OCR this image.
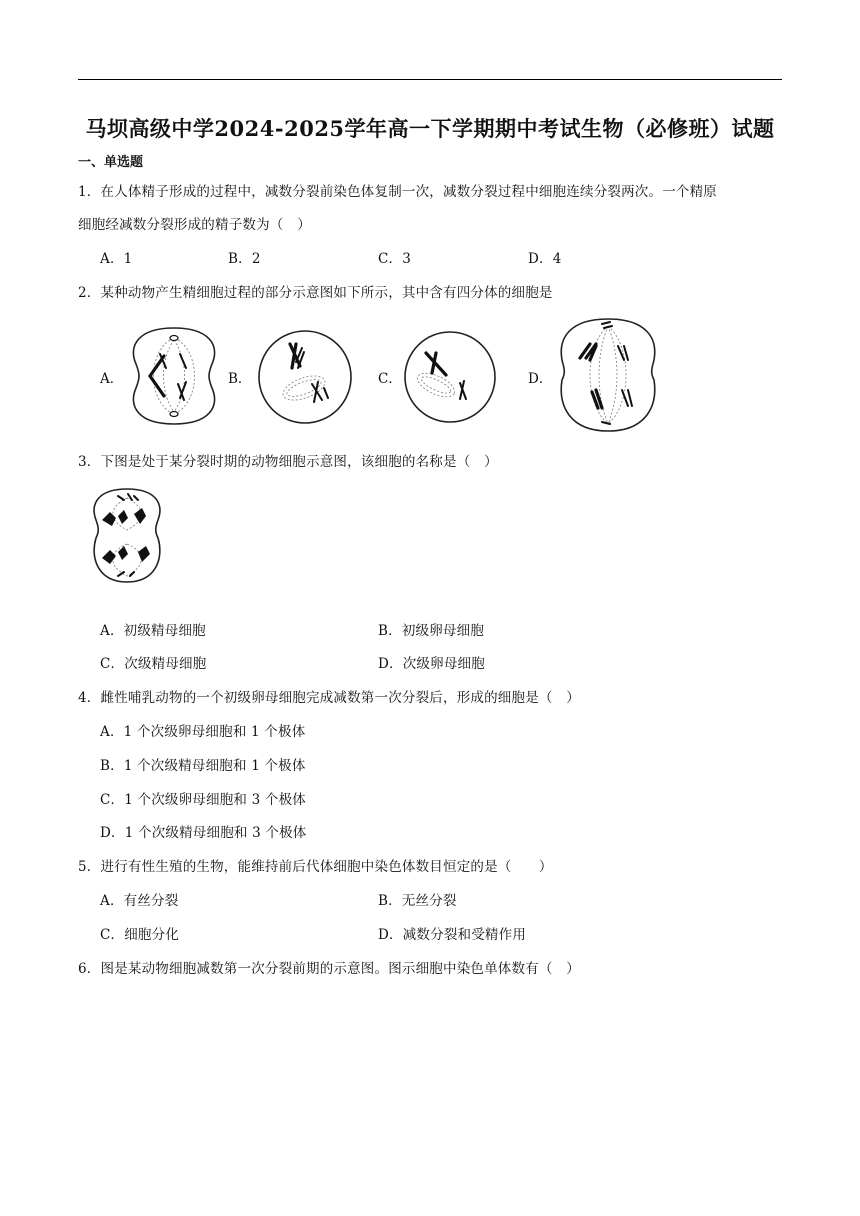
马坝高级中学2024-2025学年高一下学期期中考试生物（必修班）试题
一、单选题
1．在人体精子形成的过程中，减数分裂前染色体复制一次，减数分裂过程中细胞连续分裂两次。一个精原
细胞经减数分裂形成的精子数为（　）
A．1	B．2	C．3	D．4
2．某种动物产生精细胞过程的部分示意图如下所示，其中含有四分体的细胞是
A．	B．	C．	D．
3．下图是处于某分裂时期的动物细胞示意图，该细胞的名称是（　）
A．初级精母细胞	B．初级卵母细胞
C．次级精母细胞	D．次级卵母细胞
4．雌性哺乳动物的一个初级卵母细胞完成减数第一次分裂后，形成的细胞是（　）
A．1 个次级卵母细胞和 1 个极体
B．1 个次级精母细胞和 1 个极体
C．1 个次级卵母细胞和 3 个极体
D．1 个次级精母细胞和 3 个极体
5．进行有性生殖的生物，能维持前后代体细胞中染色体数目恒定的是（　　）
A．有丝分裂	B．无丝分裂
C．细胞分化	D．减数分裂和受精作用
6．图是某动物细胞减数第一次分裂前期的示意图。图示细胞中染色单体数有（　）
